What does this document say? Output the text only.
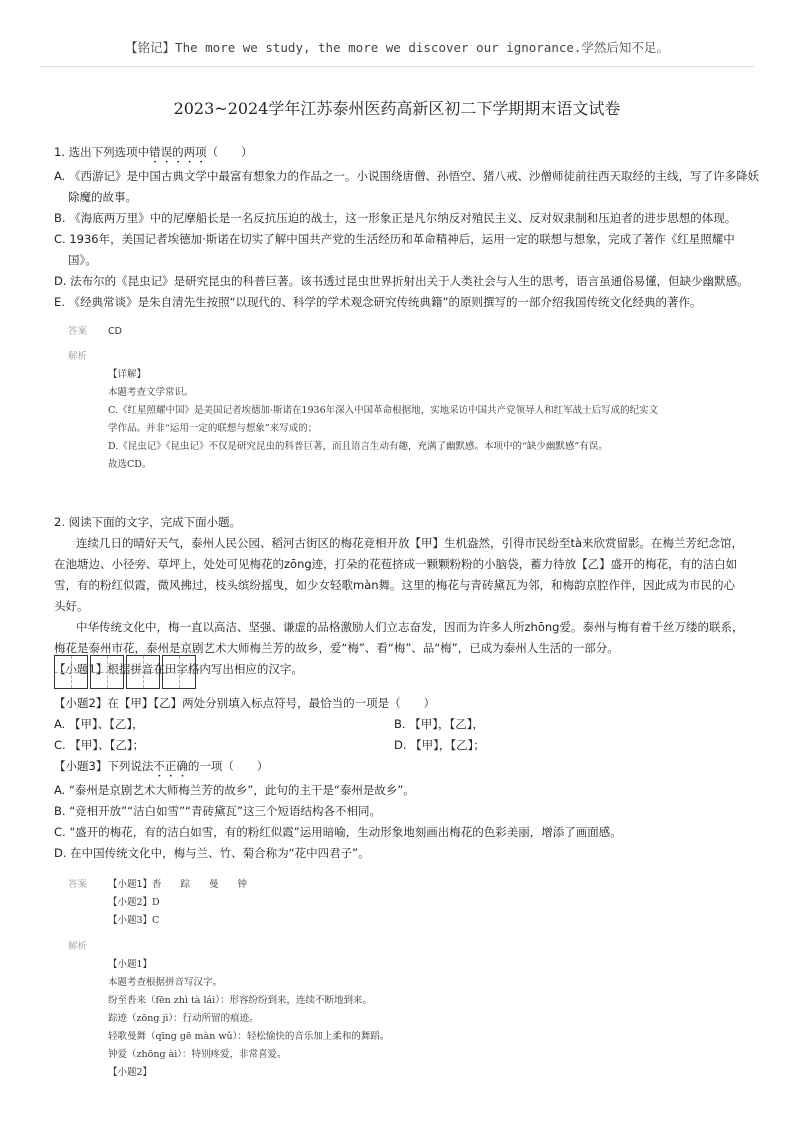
【铭记】The more we study, the more we discover our ignorance.学然后知不足。
2023~2024学年江苏泰州医药高新区初二下学期期末语文试卷
1. 选出下列选项中错误的两项（　　）
A. 《西游记》是中国古典文学中最富有想象力的作品之一。小说围绕唐僧、孙悟空、猪八戒、沙僧师徒前往西天取经的主线，写了许多降妖
除魔的故事。
B. 《海底两万里》中的尼摩船长是一名反抗压迫的战士，这一形象正是凡尔纳反对殖民主义、反对奴隶制和压迫者的进步思想的体现。
C. 1936年，美国记者埃德加·斯诺在切实了解中国共产党的生活经历和革命精神后，运用一定的联想与想象，完成了著作《红星照耀中
国》。
D. 法布尔的《昆虫记》是研究昆虫的科普巨著。该书透过昆虫世界折射出关于人类社会与人生的思考，语言虽通俗易懂，但缺少幽默感。
E. 《经典常谈》是朱自清先生按照“以现代的、科学的学术观念研究传统典籍”的原则撰写的一部介绍我国传统文化经典的著作。
答案 CD
解析
【详解】
本题考查文学常识。
C.《红星照耀中国》是美国记者埃德加·斯诺在1936年深入中国革命根据地，实地采访中国共产党领导人和红军战士后写成的纪实文
学作品。并非“运用一定的联想与想象”来写成的；
D.《昆虫记》《昆虫记》不仅是研究昆虫的科普巨著，而且语言生动有趣，充满了幽默感。本项中的“缺少幽默感”有误。
故选CD。
2. 阅读下面的文字，完成下面小题。
连续几日的晴好天气，泰州人民公园、稻河古街区的梅花竞相开放【甲】生机盎然，引得市民纷至tà来欣赏留影。在梅兰芳纪念馆，在池塘边、小径旁、草坪上，处处可见梅花的zōng迹，打朵的花苞挤成一颗颗粉粉的小脑袋，蓄力待放【乙】盛开的梅花，有的洁白如雪，有的粉红似霞，微风拂过，枝头缤纷摇曳，如少女轻歌màn舞。这里的梅花与青砖黛瓦为邻，和梅韵京腔作伴，因此成为市民的心头好。
中华传统文化中，梅一直以高洁、坚强、谦虚的品格激励人们立志奋发，因而为许多人所zhōng爱。泰州与梅有着千丝万缕的联系，梅花是泰州市花，泰州是京剧艺术大师梅兰芳的故乡，爱“梅”、看“梅”、品“梅”，已成为泰州人生活的一部分。
【小题1】根据拼音在田字格内写出相应的汉字。
【小题2】在【甲】【乙】两处分别填入标点符号，最恰当的一项是（　　）
A. 【甲】、【乙】，	B. 【甲】，【乙】，
C. 【甲】、【乙】；	D. 【甲】，【乙】；
【小题3】下列说法不正确的一项（　　）
A. “泰州是京剧艺术大师梅兰芳的故乡”，此句的主干是“泰州是故乡”。
B. “竞相开放”“洁白如雪”“青砖黛瓦”这三个短语结构各不相同。
C. “盛开的梅花，有的洁白如雪，有的粉红似霞”运用暗喻，生动形象地刻画出梅花的色彩美丽，增添了画面感。
D. 在中国传统文化中，梅与兰、竹、菊合称为“花中四君子”。
答案 【小题1】沓　　踪　　曼　　钟
【小题2】D
【小题3】C
解析
【小题1】
本题考查根据拼音写汉字。
纷至沓来（fēn zhì tà lái）：形容纷纷到来，连续不断地到来。
踪迹（zōng jì）：行动所留的痕迹。
轻歌曼舞（qīng gē màn wǔ）：轻松愉快的音乐加上柔和的舞蹈。
钟爱（zhōng ài）：特别疼爱，非常喜爱。
【小题2】
